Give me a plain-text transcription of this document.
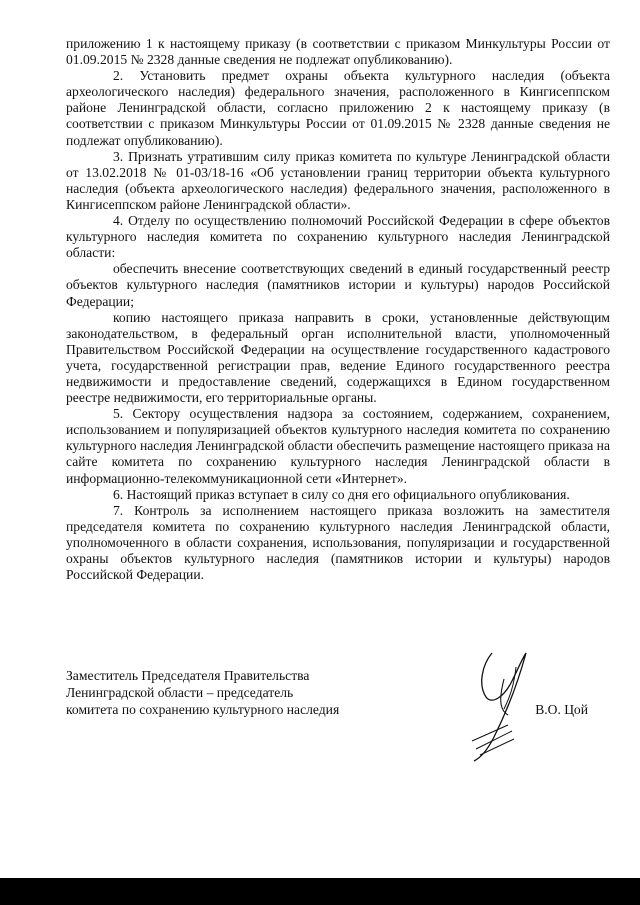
приложению 1 к настоящему приказу (в соответствии с приказом Минкультуры России от 01.09.2015 № 2328 данные сведения не подлежат опубликованию).

2. Установить предмет охраны объекта культурного наследия (объекта археологического наследия) федерального значения, расположенного в Кингисеппском районе Ленинградской области, согласно приложению 2 к настоящему приказу (в соответствии с приказом Минкультуры России от 01.09.2015 № 2328 данные сведения не подлежат опубликованию).

3. Признать утратившим силу приказ комитета по культуре Ленинградской области от 13.02.2018 № 01-03/18-16 «Об установлении границ территории объекта культурного наследия (объекта археологического наследия) федерального значения, расположенного в Кингисеппском районе Ленинградской области».

4. Отделу по осуществлению полномочий Российской Федерации в сфере объектов культурного наследия комитета по сохранению культурного наследия Ленинградской области:

обеспечить внесение соответствующих сведений в единый государственный реестр объектов культурного наследия (памятников истории и культуры) народов Российской Федерации;

копию настоящего приказа направить в сроки, установленные действующим законодательством, в федеральный орган исполнительной власти, уполномоченный Правительством Российской Федерации на осуществление государственного кадастрового учета, государственной регистрации прав, ведение Единого государственного реестра недвижимости и предоставление сведений, содержащихся в Едином государственном реестре недвижимости, его территориальные органы.

5. Сектору осуществления надзора за состоянием, содержанием, сохранением, использованием и популяризацией объектов культурного наследия комитета по сохранению культурного наследия Ленинградской области обеспечить размещение настоящего приказа на сайте комитета по сохранению культурного наследия Ленинградской области в информационно-телекоммуникационной сети «Интернет».

6. Настоящий приказ вступает в силу со дня его официального опубликования.

7. Контроль за исполнением настоящего приказа возложить на заместителя председателя комитета по сохранению культурного наследия Ленинградской области, уполномоченного в области сохранения, использования, популяризации и государственной охраны объектов культурного наследия (памятников истории и культуры) народов Российской Федерации.

Заместитель Председателя Правительства

Ленинградской области – председатель

комитета по сохранению культурного наследия	В.О. Цой
